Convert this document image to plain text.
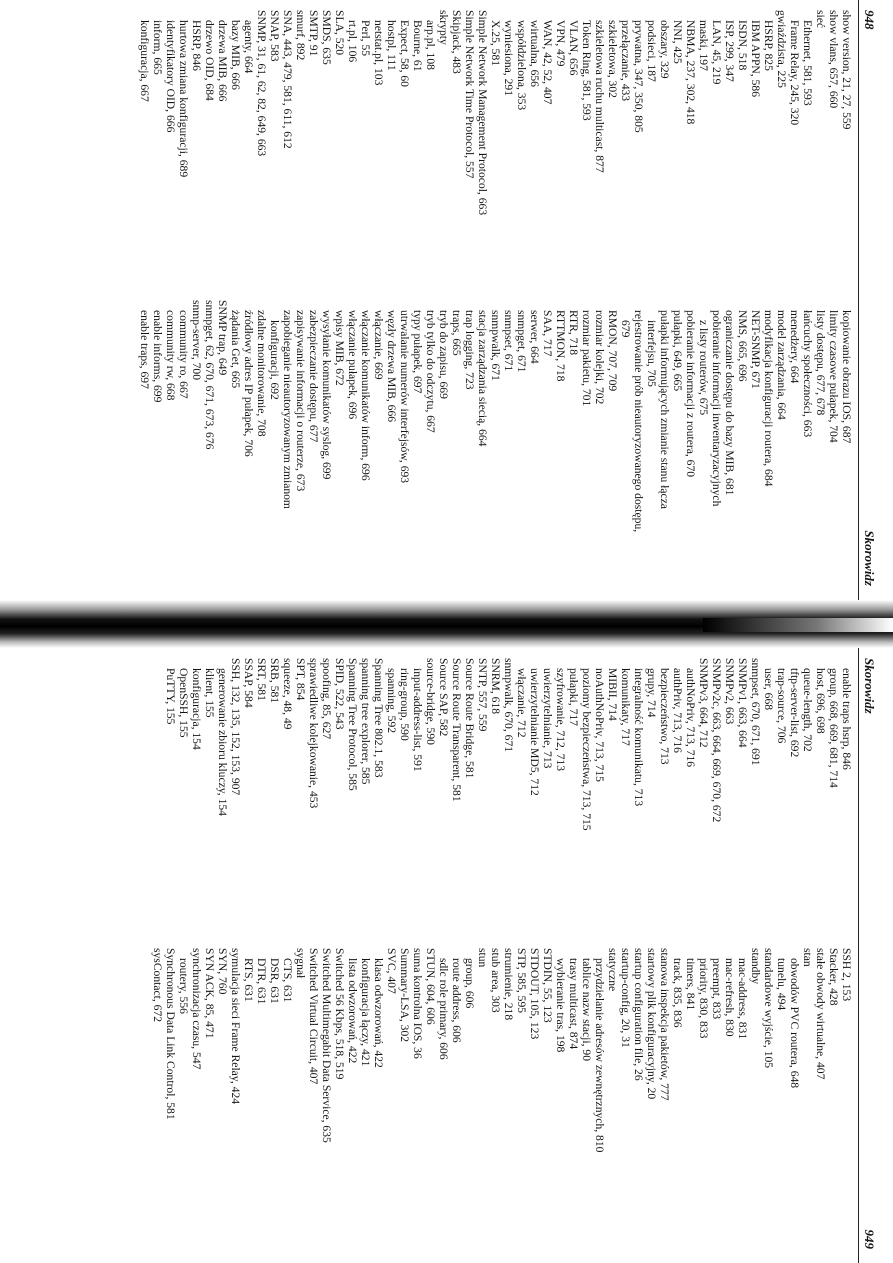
948
Skorowidz
show version, 21, 27, 559
show vlans, 657, 660
sieć
Ethernet, 581, 593
Frame Relay, 245, 320
gwiaździsta, 225
HSRP, 825
IBM APPN, 586
ISDN, 518
ISP, 299, 347
LAN, 45, 219
maski, 197
NBMA, 237, 302, 418
NNI, 425
obszary, 329
podsieci, 187
prywatna, 347, 350, 805
przełączanie, 433
szkieletowa, 302
szkieletowa ruchu multicast, 877
Token Ring, 581, 593
VLAN, 656
VPN, 479
WAN, 42, 52, 407
wirtualna, 656
współdzielona, 353
wyniesiona, 291
X.25, 581
Simple Network Management Protocol, 663
Simple Network Time Protocol, 557
Skipjack, 483
skrypty
arp.pl, 108
Bourne, 61
Expect, 58, 60
hostpl, 111
netstat.pl, 103
Perl, 55
rt.pl, 106
SLA, 520
SMDS, 635
SMTP, 91
smurf, 892
SNA, 443, 479, 581, 611, 612
SNAP, 583
SNMP, 31, 61, 62, 82, 649, 663
agenty, 664
bazy MIB, 666
drzewa MIB, 666
drzewo OID, 684
HSRP, 846
hurtowa zmiana konfiguracji, 689
identyfikatory OID, 666
inform, 665
konfiguracja, 667
kopiowanie obrazu IOS, 687
limity czasowe pułapek, 704
listy dostępu, 677, 678
łańcuchy społeczności, 663
menedżery, 664
model zarządzania, 664
modyfikacja konfiguracji routera, 684
NET-SNMP, 671
NMS, 665, 696
ograniczanie dostępu do bazy MIB, 681
pobieranie informacji inwentaryzacyjnych
z listy routerów, 675
pobieranie informacji z routera, 670
pułapki, 649, 665
pułapki informujących zmianie stanu łącza
interfejsu, 705
rejestrowanie prób nieautoryzowanego dostępu,
679
RMON, 707, 709
rozmiar kolejki, 702
rozmiar pakietu, 701
RTR, 718
RTTMON, 718
SAA, 717
serwer, 664
snmpget, 671
snmpset, 671
snmpwalk, 671
stacja zarządzania siecią, 664
trap logging, 723
traps, 665
tryb do zapisu, 669
tryb tylko do odczytu, 667
typy pułapek, 697
utrwalanie numerów interfejsów, 693
węzły drzewa MIB, 666
włączanie, 669
włączanie komunikatów inform, 696
włączanie pułapek, 696
wpisy MIB, 672
wysyłanie komunikatów syslog, 699
zabezpieczanie dostępu, 677
zapisywanie informacji o routerze, 673
zapobieganie nieautoryzowanym zmianom
konfiguracji, 692
zdalne monitorowanie, 708
źródłowy adres IP pułapek, 706
żądania Get, 665
SNMP trap, 649
snmpget, 62, 670, 671, 673, 676
snmp-server, 700
community ro, 667
community rw, 668
enable informs, 699
enable traps, 697
Skorowidz
949
enable traps hsrp, 846
group, 668, 669, 681, 714
host, 696, 698
queue-length, 702
tftp-server-list, 692
trap-source, 706
user, 668
snmpset, 670, 671, 691
SNMPv1, 663, 664
SNMPv2, 663
SNMPv2c, 663, 664, 669, 670, 672
SNMPv3, 664, 712
authNoPriv, 713, 716
authPriv, 713, 716
bezpieczeństwo, 713
grupy, 714
integralność komunikatu, 713
komunikaty, 717
MIBII, 714
noAuthNoPriv, 713, 715
poziomy bezpieczeństwa, 713, 715
pułapki, 717
szyfrowanie, 712, 713
uwierzytelnianie, 713
uwierzytelnianie MD5, 712
włączanie, 712
snmpwalk, 670, 671
SNRM, 618
SNTP, 557, 559
Source Route Bridge, 581
Source Route Transparent, 581
Source SAP, 582
source-bridge, 590
input-address-list, 591
ring-group, 590
spanning, 592
Spanning Tree 802.1, 583
spanning tree explorer, 585
Spanning Tree Protocol, 585
SPID, 522, 543
spoofing, 85, 627
sprawiedliwe kolejkowanie, 453
SPT, 854
squeeze, 48, 49
SRB, 581
SRT, 581
SSAP, 584
SSH, 132, 135, 152, 153, 907
generowanie zbioru kluczy, 154
klient, 155
konfiguracja, 154
OpenSSH, 155
PuTTY, 155
SSH 2, 153
Stacker, 428
stałe obwody wirtualne, 407
stan
obwodów PVC routera, 648
tunelu, 494
standardowe wyjście, 105
standby
mac-address, 831
mac-refresh, 830
preempt, 833
priority, 830, 833
timers, 841
track, 835, 836
stanowa inspekcja pakietów, 777
startowy plik konfiguracyjny, 20
startup configuration file, 26
startup-config, 20, 31
statyczne
przydzielanie adresów zewnętrznych, 810
tablice nazw stacji, 90
trasy multicast, 874
wybieranie tras, 198
STDIN, 55, 123
STDOUT, 105, 123
STP, 585, 595
strumienie, 218
stub area, 303
stun
group, 606
route address, 606
sdlc role primary, 606
STUN, 604, 606
suma kontrolna IOS, 36
Summary-LSA, 302
SVC, 407
klasa odwzorowań, 422
konfiguracja łączy, 421
lista odwzorowań, 422
Switched 56 Kbps, 518, 519
Switched Multimegabit Data Service, 635
Switched Virtual Circuit, 407
sygnał
CTS, 631
DSR, 631
DTR, 631
RTS, 631
symulacja sieci Frame Relay, 424
SYN, 760
SYN ACK, 85, 471
synchronizacja czasu, 547
routery, 556
Synchronous Data Link Control, 581
sysContact, 672
